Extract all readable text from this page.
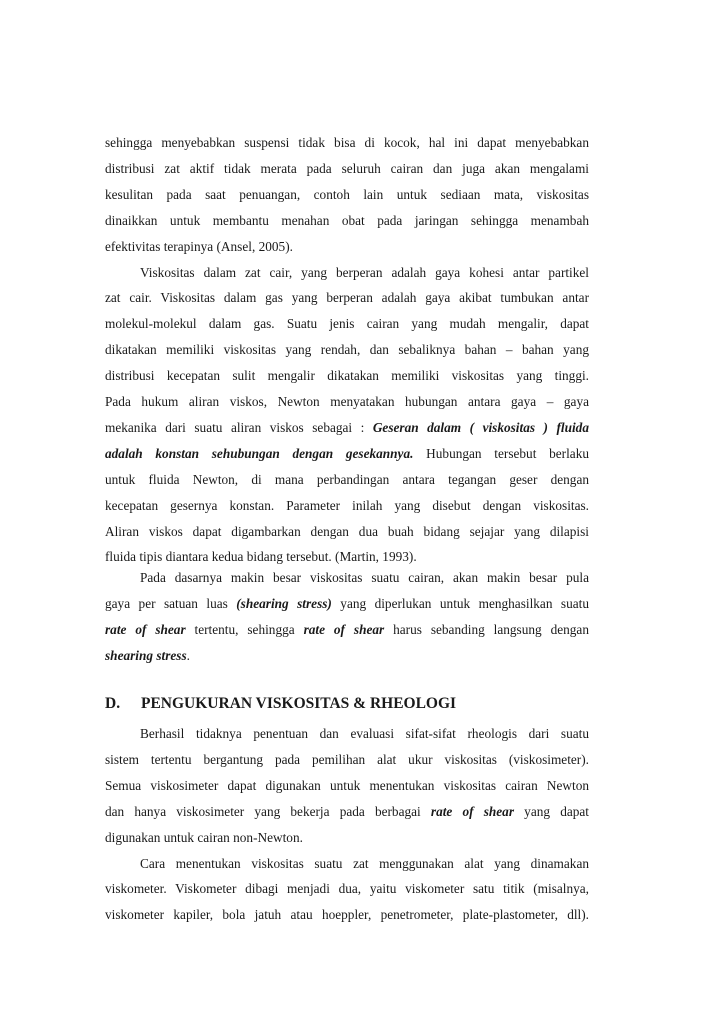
sehingga menyebabkan suspensi tidak bisa di kocok, hal ini dapat menyebabkan
distribusi zat aktif tidak merata pada seluruh cairan dan juga akan mengalami
kesulitan pada saat penuangan, contoh lain untuk sediaan mata, viskositas
dinaikkan untuk membantu menahan obat pada jaringan sehingga menambah
efektivitas terapinya (Ansel, 2005).
Viskositas dalam zat cair, yang berperan adalah gaya kohesi antar partikel
zat cair. Viskositas dalam gas yang berperan adalah gaya akibat tumbukan antar
molekul-molekul dalam gas. Suatu jenis cairan yang mudah mengalir, dapat
dikatakan memiliki viskositas yang rendah, dan sebaliknya bahan – bahan yang
distribusi kecepatan sulit mengalir dikatakan memiliki viskositas yang tinggi.
Pada hukum aliran viskos, Newton menyatakan hubungan antara gaya – gaya
mekanika dari suatu aliran viskos sebagai : Geseran dalam ( viskositas ) fluida
adalah konstan sehubungan dengan gesekannya. Hubungan tersebut berlaku
untuk fluida Newton, di mana perbandingan antara tegangan geser dengan
kecepatan gesernya konstan. Parameter inilah yang disebut dengan viskositas.
Aliran viskos dapat digambarkan dengan dua buah bidang sejajar yang dilapisi
fluida tipis diantara kedua bidang tersebut. (Martin, 1993).
Pada dasarnya makin besar viskositas suatu cairan, akan makin besar pula
gaya per satuan luas (shearing stress) yang diperlukan untuk menghasilkan suatu
rate of shear tertentu, sehingga rate of shear harus sebanding langsung dengan
shearing stress.
D. PENGUKURAN VISKOSITAS & RHEOLOGI
Berhasil tidaknya penentuan dan evaluasi sifat-sifat rheologis dari suatu
sistem tertentu bergantung pada pemilihan alat ukur viskositas (viskosimeter).
Semua viskosimeter dapat digunakan untuk menentukan viskositas cairan Newton
dan hanya viskosimeter yang bekerja pada berbagai rate of shear yang dapat
digunakan untuk cairan non-Newton.
Cara menentukan viskositas suatu zat menggunakan alat yang dinamakan
viskometer. Viskometer dibagi menjadi dua, yaitu viskometer satu titik (misalnya,
viskometer kapiler, bola jatuh atau hoeppler, penetrometer, plate-plastometer, dll).
